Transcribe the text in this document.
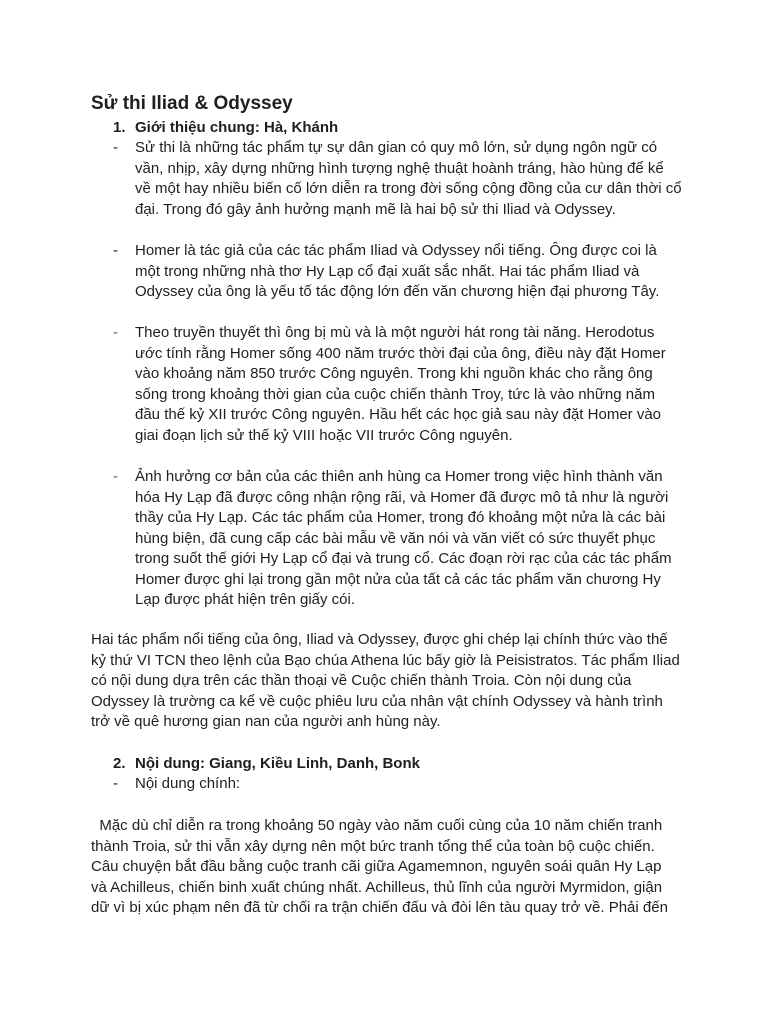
Sử thi Iliad & Odyssey
1. Giới thiệu chung: Hà, Khánh
- Sử thi là những tác phẩm tự sự dân gian có quy mô lớn, sử dụng ngôn ngữ có vần, nhịp, xây dựng những hình tượng nghệ thuật hoành tráng, hào hùng để kể về một hay nhiều biến cố lớn diễn ra trong đời sống cộng đồng của cư dân thời cổ đại. Trong đó gây ảnh hưởng mạnh mẽ là hai bộ sử thi Iliad và Odyssey.
- Homer là tác giả của các tác phẩm Iliad và Odyssey nổi tiếng. Ông được coi là một trong những nhà thơ Hy Lạp cổ đại xuất sắc nhất. Hai tác phẩm Iliad và Odyssey của ông là yếu tố tác động lớn đến văn chương hiện đại phương Tây.
- Theo truyền thuyết thì ông bị mù và là một người hát rong tài năng. Herodotus ước tính rằng Homer sống 400 năm trước thời đại của ông, điều này đặt Homer vào khoảng năm 850 trước Công nguyên. Trong khi nguồn khác cho rằng ông sống trong khoảng thời gian của cuộc chiến thành Troy, tức là vào những năm đầu thế kỷ XII trước Công nguyên. Hầu hết các học giả sau này đặt Homer vào giai đoạn lịch sử thế kỷ VIII hoặc VII trước Công nguyên.
- Ảnh hưởng cơ bản của các thiên anh hùng ca Homer trong việc hình thành văn hóa Hy Lạp đã được công nhận rộng rãi, và Homer đã được mô tả như là người thầy của Hy Lạp. Các tác phẩm của Homer, trong đó khoảng một nửa là các bài hùng biện, đã cung cấp các bài mẫu về văn nói và văn viết có sức thuyết phục trong suốt thế giới Hy Lạp cổ đại và trung cổ. Các đoạn rời rạc của các tác phẩm Homer được ghi lại trong gần một nửa của tất cả các tác phẩm văn chương Hy Lạp được phát hiện trên giấy cói.

Hai tác phẩm nổi tiếng của ông, Iliad và Odyssey, được ghi chép lại chính thức vào thế kỷ thứ VI TCN theo lệnh của Bạo chúa Athena lúc bấy giờ là Peisistratos. Tác phẩm Iliad có nội dung dựa trên các thần thoại về Cuộc chiến thành Troia. Còn nội dung của Odyssey là trường ca kể về cuộc phiêu lưu của nhân vật chính Odyssey và hành trình trở về quê hương gian nan của người anh hùng này.

2. Nội dung: Giang, Kiều Linh, Danh, Bonk
- Nội dung chính:

Mặc dù chỉ diễn ra trong khoảng 50 ngày vào năm cuối cùng của 10 năm chiến tranh thành Troia, sử thi vẫn xây dựng nên một bức tranh tổng thể của toàn bộ cuộc chiến. Câu chuyện bắt đầu bằng cuộc tranh cãi giữa Agamemnon, nguyên soái quân Hy Lạp và Achilleus, chiến binh xuất chúng nhất. Achilleus, thủ lĩnh của người Myrmidon, giận dữ vì bị xúc phạm nên đã từ chối ra trận chiến đấu và đòi lên tàu quay trở về. Phải đến
